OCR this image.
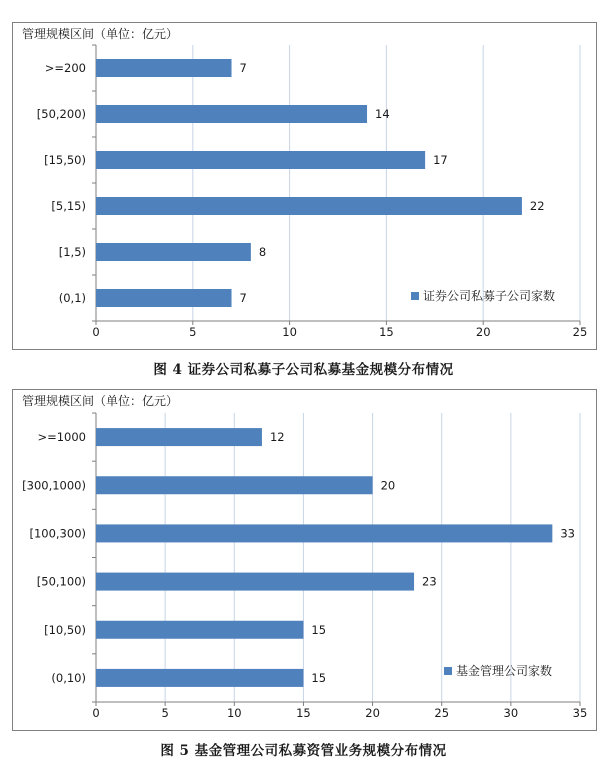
管理规模区间（单位：亿元）
0	5	10	15	20	25
>=200	7
[50,200)	14
[15,50)	17
[5,15)	22
[1,5)	8
(0,1)	7	证券公司私募子公司家数
图 4 证券公司私募子公司私募基金规模分布情况
管理规模区间（单位：亿元）
0	5	10	15	20	25	30	35
>=1000	12
[300,1000)	20
[100,300)	33
[50,100)	23
[10,50)	15
(0,10)	15	基金管理公司家数
图 5 基金管理公司私募资管业务规模分布情况
